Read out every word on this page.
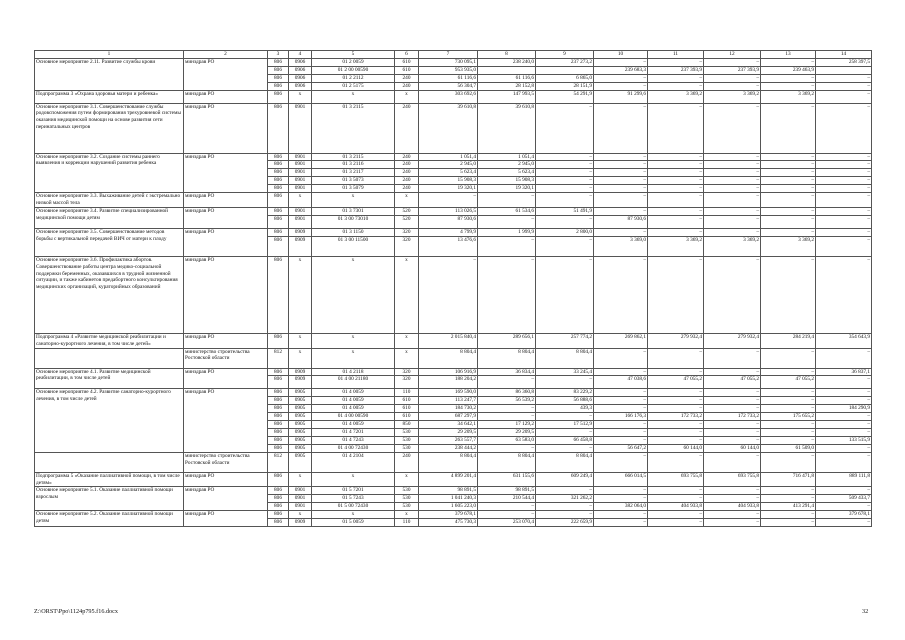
1	2	3	4	5	6	7	8	9	10	11	12	13	14
Основное мероприятие 2.11. Развитие службы крови	минздрав РО	806	0906	01 2 0059	610	730 095,1	238 240,0	237 273,2	–	–	–	–	258 397,5
		806	0906	01 2 00 00590	610	953 935,0			239 683,3	237 393,9	237 393,9	239 463,9	
		806	0906	01 2 2112	240	61 116,6	61 116,6	6 865,0	–	–	–	–	–
		806	0906	01 2 5175	240	56 304,7	28 152,8	28 151,9	–	–	–	–	–
Подпрограмма 3 «Охрана здоровья матери и ребенка»	минздрав РО	806	х	х	х	303 692,6	147 993,5	54 291,9	91 299,6	3 369,2	3 369,2	3 369,2	–
Основное мероприятие 3.1. Совершенствование службы родовспоможения путем формирования трехуровневой системы оказания медицинской помощи на основе развития сети перинатальных центров	минздрав РО	806	0901	01 3 2115	240	39 610,8	39 610,8	–	–	–	–	–	–
Основное мероприятие 3.2. Создание системы раннего выявления и коррекции нарушений развития ребенка	минздрав РО	806	0901	01 3 2115	240	1 051,4	1 051,4	–	–	–	–	–	–
		806	0901	01 3 2116	240	2 945,0	2 945,0	–	–	–	–	–	–
		806	0901	01 3 2117	240	5 623,4	5 623,4	–	–	–	–	–	–
		806	0901	01 3 5073	240	15 908,3	15 908,3	–	–	–	–	–	–
		806	0901	01 3 5079	240	19 320,1	19 320,1	–	–	–	–	–	–
Основное мероприятие 3.3. Выхаживание детей с экстремально низкой массой тела	минздрав РО	806	х	х	х	–	–	–	–	–	–	–	–
Основное мероприятие 3.4. Развитие специализированной медицинской помощи детям	минздрав РО	806	0901	01 3 7301	520	113 026,5	61 534,6	51 491,9	–	–	–	–	–
		806	0901	01 3 00 73010	520	87 930,6	–	–	87 930,6	–	–	–	–
Основное мероприятие 3.5. Совершенствование методов борьбы с вертикальной передачей ВИЧ от матери к плоду	минздрав РО	806	0909	01 3 1150	320	4 799,9	1 999,9	2 800,0	–	–	–	–	–
		806	0909	01 3 00 11500	320	13 476,6	–	–	3 369,0	3 369,2	3 369,2	3 369,2	–
Основное мероприятие 3.6. Профилактика абортов. Совершенствование работы центра медико-социальной поддержки беременных, оказавшихся в трудной жизненной ситуации, и также кабинетов предабортного консультирования медицинских организаций, кураторийных образований	минздрав РО	806	х	х	х	–	–	–	–	–	–	–	–
Подпрограмма 4 «Развитие медицинской реабилитации и санаторно-курортного лечения, в том числе детей»	минздрав РО	806	х	х	х	2 015 840,4	289 656,1	257 774,2	269 862,1	279 932,4	279 932,4	284 219,4	354 643,9
	министерство строительства Ростовской области	812	х	х	х	8 804,4	8 804,4	8 804,4	–	–	–	–	–
Основное мероприятие 4.1. Развитие медицинской реабилитации, в том числе детей	минздрав РО	806	0909	01 4 2118	320	106 916,9	36 834,4	33 245,4	–	–	–	–	36 837,1
		806	0909	01 4 00 21180	320	188 204,2	–	–	47 038,6	47 055,2	47 055,2	47 055,2	–
Основное мероприятие 4.2. Развитие санаторно-курортного лечения, в том числе детей	минздрав РО	806	0905	01 4 0059	110	169 590,0	86 360,8	83 229,2	–	–	–	–	–
		806	0905	01 4 0059	610	113 247,7	56 539,2	56 888,6	–	–	–	–	–
		806	0905	01 4 0059	610	184 730,2	–	439,3	–	–	–	–	184 290,9
		806	0905	01 4 00 00590	610	687 297,9	–	–	166 176,3	172 733,2	172 733,2	175 655,2	–
		806	0905	01 4 0059	850	34 642,1	17 129,2	17 512,9	–	–	–	–	–
		806	0905	01 4 7201	530	29 209,5	29 209,5	–	–	–	–	–	–
		806	0905	01 4 7243	530	263 557,7	63 583,0	66 458,8	–	–	–	–	133 515,9
		806	0905	01 4 00 72430	530	238 444,2	–	–	56 647,2	60 144,0	60 144,0	61 509,0	–
	министерство строительства Ростовской области	812	0905	01 4 2104	240	8 804,4	8 804,4	8 804,4	–	–	–	–	–
Подпрограмма 5 «Оказание паллиативной помощи, в том числе детям»	минздрав РО	806	х	х	х	4 899 201,4	631 155,6	609 249,4	666 014,5	693 755,8	693 755,8	716 471,8	889 111,8
Основное мероприятие 5.1. Оказание паллиативной помощи взрослым	минздрав РО	806	0901	01 5 7201	530	98 891,5	98 891,5	–	–	–	–	–	–
		806	0901	01 5 7243	530	1 041 240,3	210 544,4	321 262,2	–	–	–	–	509 433,7
		806	0901	01 5 00 72430	530	1 605 223,0	–	–	382 064,0	404 933,8	404 933,8	413 291,4	–
Основное мероприятие 5.2. Оказание паллиативной помощи детям	минздрав РО	806	х	х	х	379 678,1	–	–	–	–	–	–	379 678,1
		806	0909	01 5 0059	110	475 730,3	253 070,4	222 659,9	–	–	–	–	–
Z:\ORST\Ppo\1124p795.f16.docx	32
